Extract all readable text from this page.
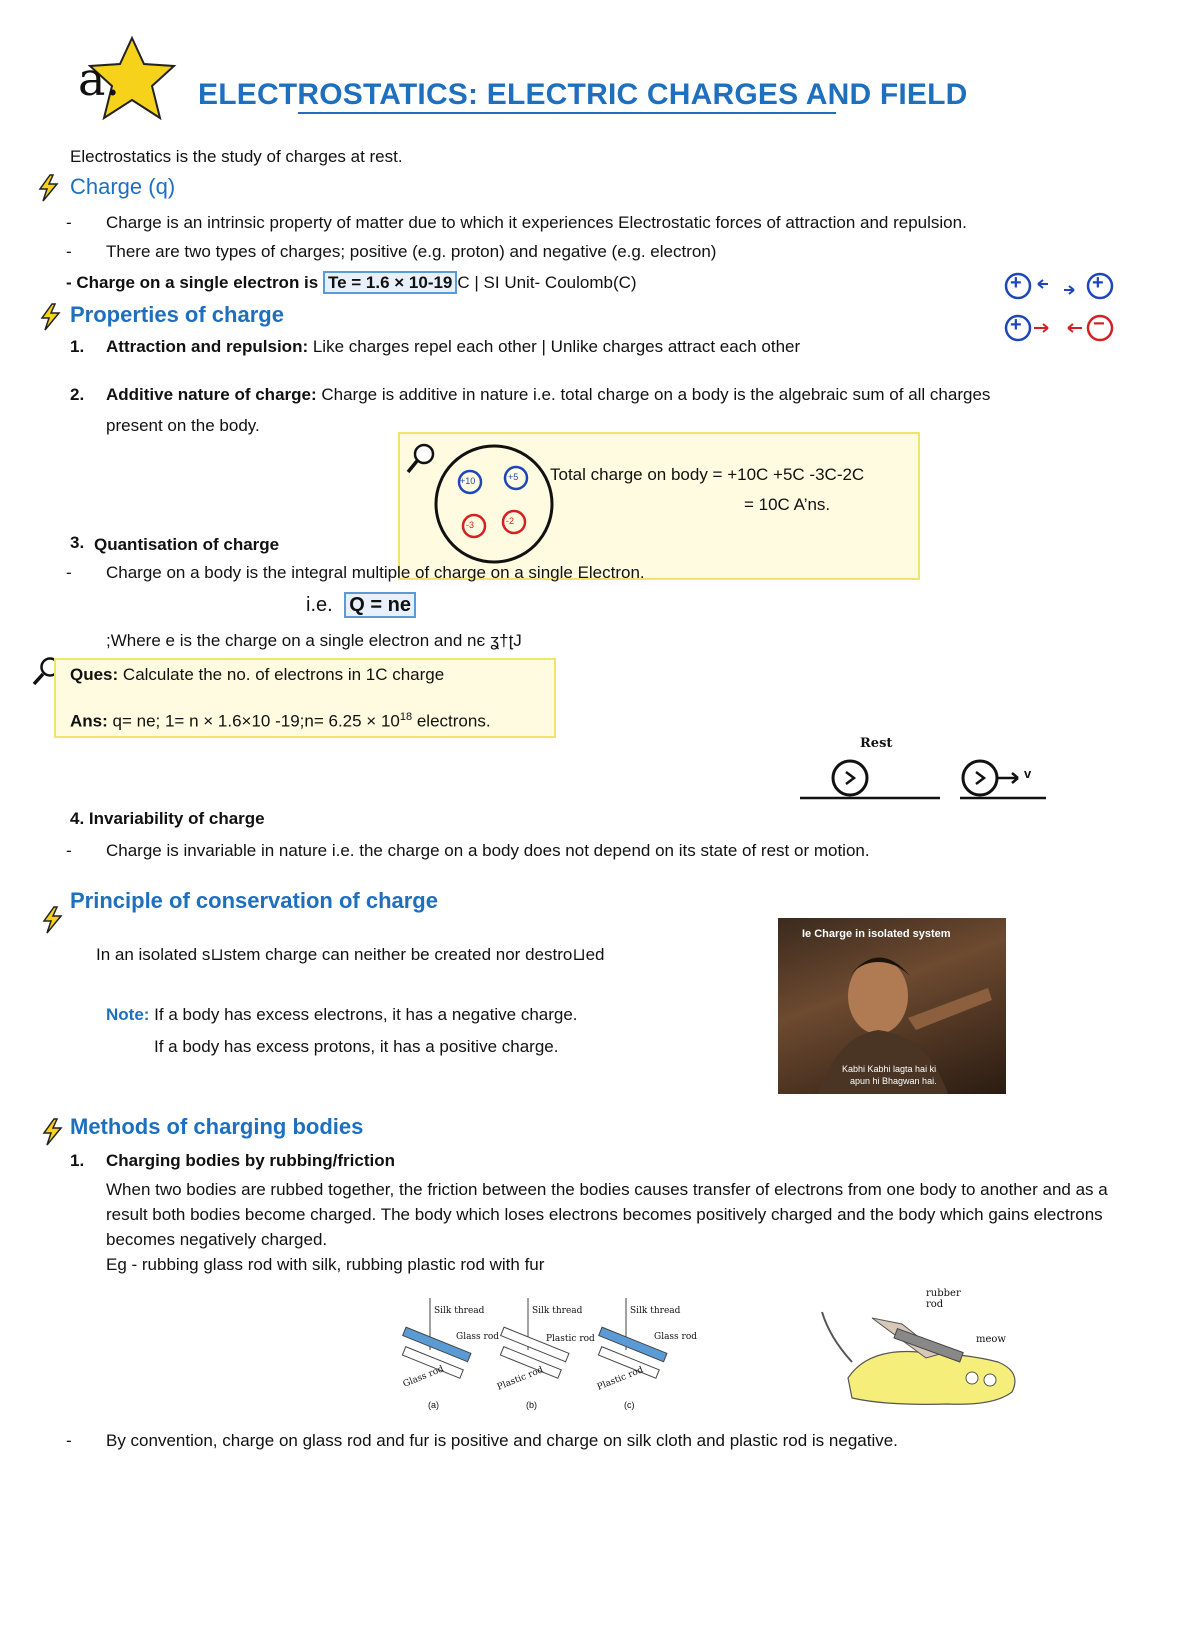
a.	ELECTROSTATICS: ELECTRIC CHARGES AND FIELD
Electrostatics is the study of charges at rest.
Charge (q)
- Charge is an intrinsic property of matter due to which it experiences Electrostatic forces of attraction and repulsion.
- There are two types of charges; positive (e.g. proton) and negative (e.g. electron)
- Charge on a single electron is Te = 1.6 × 10-19 C | SI Unit- Coulomb(C)	+	+
+	−
Properties of charge
1. Attraction and repulsion: Like charges repel each other | Unlike charges attract each other
2. Additive nature of charge: Charge is additive in nature i.e. total charge on a body is the algebraic sum of all charges
present on the body.
+10	+5
-3	-2
Total charge on body = +10C +5C -3C-2C
= 10C A’ns.
3. Quantisation of charge
- Charge on a body is the integral multiple of charge on a single Electron.
i.e. Q = ne
;Where e is the charge on a single electron and nє ʓ†ʈJ
Ques: Calculate the no. of electrons in 1C charge
Ans: q= ne; 1= n × 1.6×10 -19;n= $6.25 \times 10^{18}$ electrons.
Rest
v
4. Invariability of charge
- Charge is invariable in nature i.e. the charge on a body does not depend on its state of rest or motion.
Principle of conservation of charge
In an isolated s⊔stem charge can neither be created nor destro⊔ed
Note: If a body has excess electrons, it has a negative charge.
If a body has excess protons, it has a positive charge.
Ie Charge in isolated system
Kabhi Kabhi lagta hai ki
apun hi Bhagwan hai.
Methods of charging bodies
1. Charging bodies by rubbing/friction
When two bodies are rubbed together, the friction between the bodies causes transfer of electrons from one body to another and as a result both bodies become charged. The body which loses electrons becomes positively charged and the body which gains electrons becomes negatively charged.
Eg - rubbing glass rod with silk, rubbing plastic rod with fur
Silk thread
Glass rod
Glass rod
(a)
Silk thread
Plastic rod
Plastic rod
(b)
Silk thread
Glass rod
Plastic rod
(c)
rubber rod
meow
- By convention, charge on glass rod and fur is positive and charge on silk cloth and plastic rod is negative.
